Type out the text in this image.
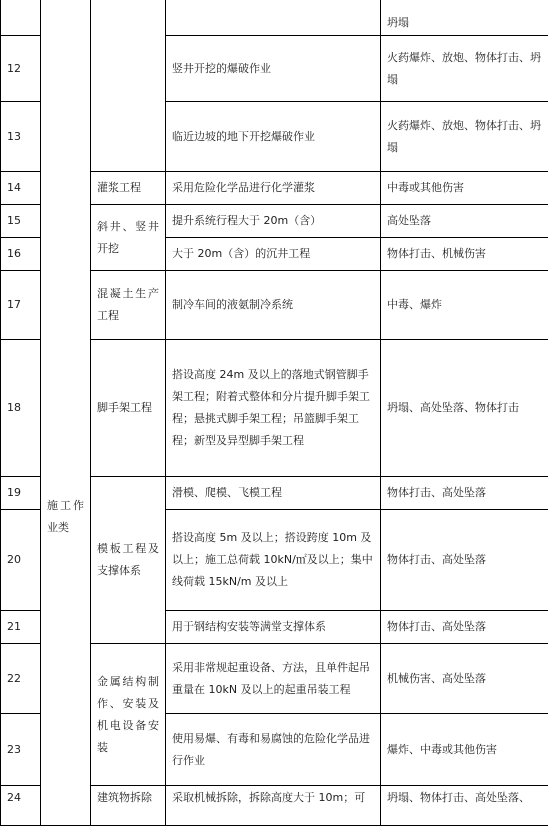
	施工作业类			坍塌
12			竖井开挖的爆破作业	火药爆炸、放炮、物体打击、坍塌
13			临近边坡的地下开挖爆破作业	火药爆炸、放炮、物体打击、坍塌
14		灌浆工程	采用危险化学品进行化学灌浆	中毒或其他伤害
15		斜井、竖井开挖	提升系统行程大于 20m（含）	高处坠落
16			大于 20m（含）的沉井工程	物体打击、机械伤害
17		混凝土生产工程	制冷车间的液氨制冷系统	中毒、爆炸
18		脚手架工程	搭设高度 24m 及以上的落地式钢管脚手架工程；附着式整体和分片提升脚手架工程；悬挑式脚手架工程；吊篮脚手架工程；新型及异型脚手架工程	坍塌、高处坠落、物体打击
19		模板工程及支撑体系	滑模、爬模、飞模工程	物体打击、高处坠落
20			搭设高度 5m 及以上；搭设跨度 10m 及以上；施工总荷载 10kN/㎡及以上；集中线荷载 15kN/m 及以上	物体打击、高处坠落
21			用于钢结构安装等满堂支撑体系	物体打击、高处坠落
22		金属结构制作、安装及机电设备安装	采用非常规起重设备、方法，且单件起吊重量在 10kN 及以上的起重吊装工程	机械伤害、高处坠落
23			使用易爆、有毒和易腐蚀的危险化学品进行作业	爆炸、中毒或其他伤害
24		建筑物拆除	采取机械拆除，拆除高度大于 10m；可	坍塌、物体打击、高处坠落、
